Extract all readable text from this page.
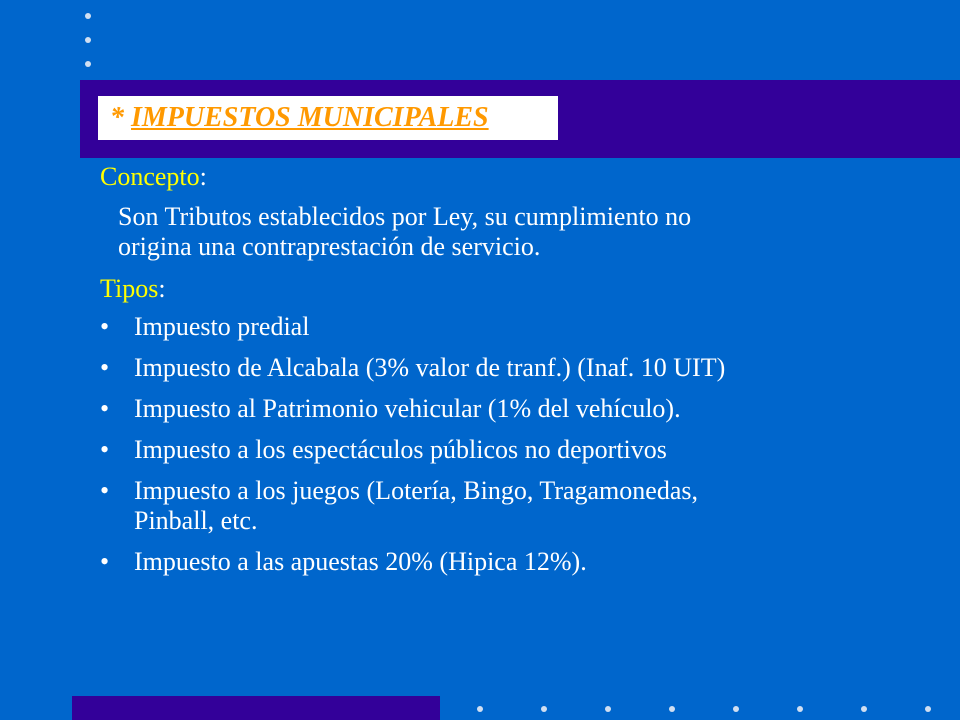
* IMPUESTOS MUNICIPALES

Concepto:

Son Tributos establecidos por Ley, su cumplimiento no
origina una contraprestación de servicio.

Tipos:

• Impuesto predial
• Impuesto de Alcabala (3% valor de tranf.) (Inaf. 10 UIT)
• Impuesto al Patrimonio vehicular (1% del vehículo).
• Impuesto a los espectáculos públicos no deportivos
• Impuesto a los juegos (Lotería, Bingo, Tragamonedas,
Pinball, etc.
• Impuesto a las apuestas 20% (Hipica 12%).
